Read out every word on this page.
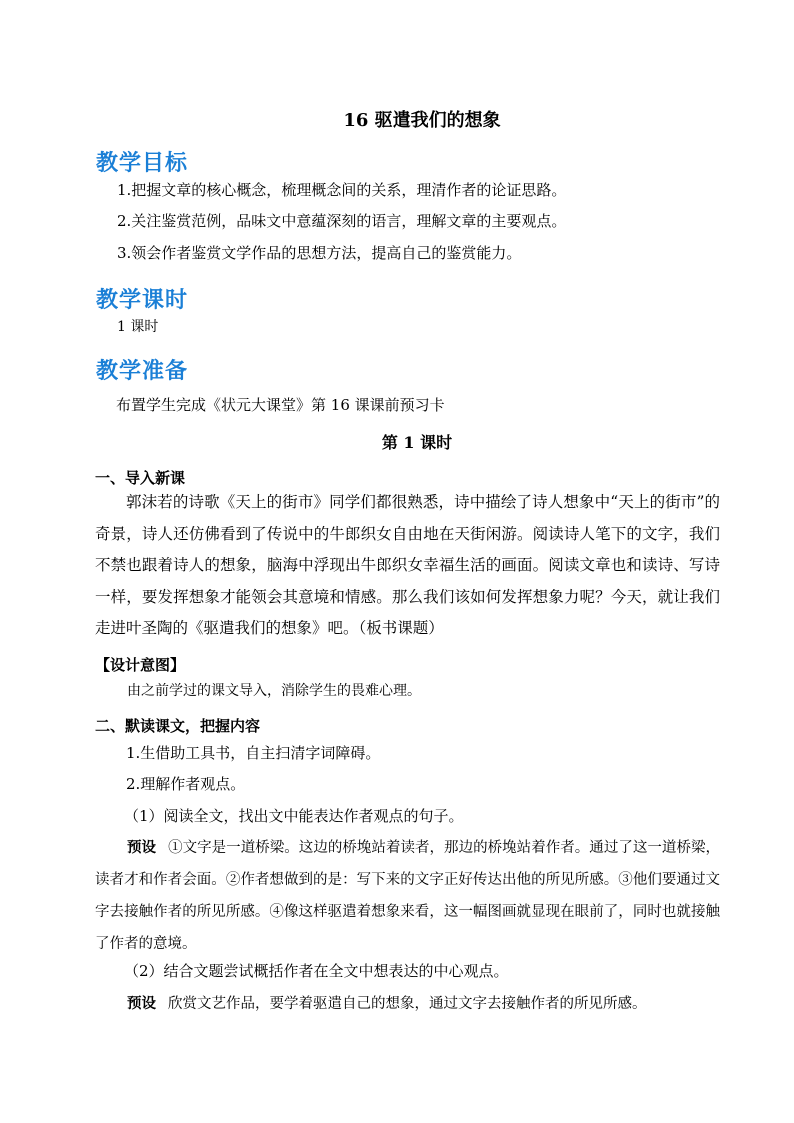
16 驱遣我们的想象
教学目标
1.把握文章的核心概念，梳理概念间的关系，理清作者的论证思路。
2.关注鉴赏范例，品味文中意蕴深刻的语言，理解文章的主要观点。
3.领会作者鉴赏文学作品的思想方法，提高自己的鉴赏能力。
教学课时
1 课时
教学准备
布置学生完成《状元大课堂》第 16 课课前预习卡
第 1 课时
一、导入新课
郭沫若的诗歌《天上的街市》同学们都很熟悉，诗中描绘了诗人想象中“天上的街市”的奇景，诗人还仿佛看到了传说中的牛郎织女自由地在天街闲游。阅读诗人笔下的文字，我们不禁也跟着诗人的想象，脑海中浮现出牛郎织女幸福生活的画面。阅读文章也和读诗、写诗一样，要发挥想象才能领会其意境和情感。那么我们该如何发挥想象力呢？今天，就让我们走进叶圣陶的《驱遣我们的想象》吧。（板书课题）
【设计意图】
由之前学过的课文导入，消除学生的畏难心理。
二、默读课文，把握内容
1.生借助工具书，自主扫清字词障碍。
2.理解作者观点。
（1）阅读全文，找出文中能表达作者观点的句子。
预设 ①文字是一道桥梁。这边的桥堍站着读者，那边的桥堍站着作者。通过了这一道桥梁，读者才和作者会面。②作者想做到的是：写下来的文字正好传达出他的所见所感。③他们要通过文字去接触作者的所见所感。④像这样驱遣着想象来看，这一幅图画就显现在眼前了，同时也就接触了作者的意境。
（2）结合文题尝试概括作者在全文中想表达的中心观点。
预设 欣赏文艺作品，要学着驱遣自己的想象，通过文字去接触作者的所见所感。
